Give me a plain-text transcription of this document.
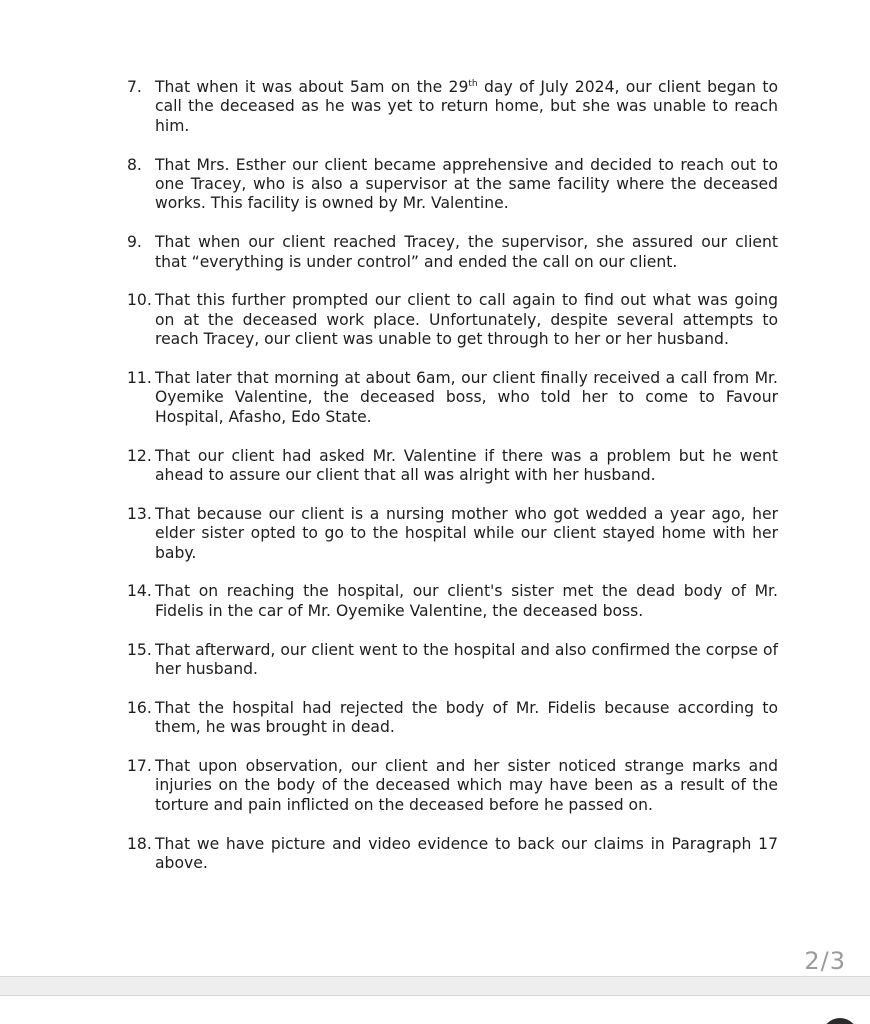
7. That when it was about 5am on the 29th day of July 2024, our client began to call the deceased as he was yet to return home, but she was unable to reach him.
8. That Mrs. Esther our client became apprehensive and decided to reach out to one Tracey, who is also a supervisor at the same facility where the deceased works. This facility is owned by Mr. Valentine.
9. That when our client reached Tracey, the supervisor, she assured our client that “everything is under control” and ended the call on our client.
10. That this further prompted our client to call again to find out what was going on at the deceased work place. Unfortunately, despite several attempts to reach Tracey, our client was unable to get through to her or her husband.
11. That later that morning at about 6am, our client finally received a call from Mr. Oyemike Valentine, the deceased boss, who told her to come to Favour Hospital, Afasho, Edo State.
12. That our client had asked Mr. Valentine if there was a problem but he went ahead to assure our client that all was alright with her husband.
13. That because our client is a nursing mother who got wedded a year ago, her elder sister opted to go to the hospital while our client stayed home with her baby.
14. That on reaching the hospital, our client's sister met the dead body of Mr. Fidelis in the car of Mr. Oyemike Valentine, the deceased boss.
15. That afterward, our client went to the hospital and also confirmed the corpse of her husband.
16. That the hospital had rejected the body of Mr. Fidelis because according to them, he was brought in dead.
17. That upon observation, our client and her sister noticed strange marks and injuries on the body of the deceased which may have been as a result of the torture and pain inflicted on the deceased before he passed on.
18. That we have picture and video evidence to back our claims in Paragraph 17 above.
2/3
